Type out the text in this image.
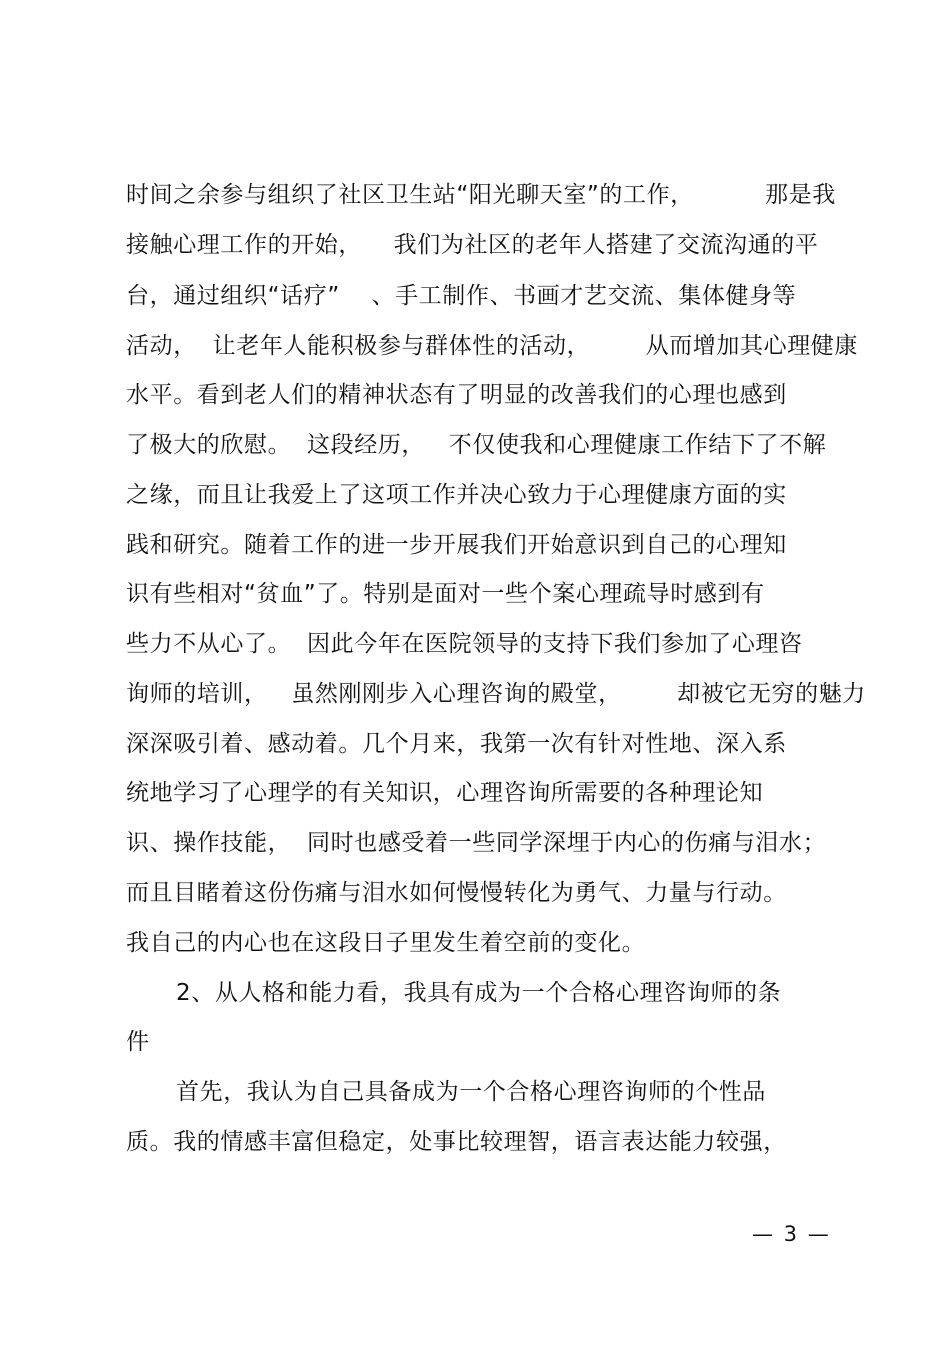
时间之余参与组织了社区卫生站“阳光聊天室”的工作，         那是我
接触心理工作的开始，    我们为社区的老年人搭建了交流沟通的平
台，通过组织“话疗”    、手工制作、书画才艺交流、集体健身等
活动，  让老年人能积极参与群体性的活动，       从而增加其心理健康
水平。看到老人们的精神状态有了明显的改善我们的心理也感到
了极大的欣慰。  这段经历，   不仅使我和心理健康工作结下了不解
之缘，而且让我爱上了这项工作并决心致力于心理健康方面的实
践和研究。随着工作的进一步开展我们开始意识到自己的心理知
识有些相对“贫血”了。特别是面对一些个案心理疏导时感到有
些力不从心了。  因此今年在医院领导的支持下我们参加了心理咨
询师的培训，   虽然刚刚步入心理咨询的殿堂，       却被它无穷的魅力
深深吸引着、感动着。几个月来，我第一次有针对性地、深入系
统地学习了心理学的有关知识，心理咨询所需要的各种理论知
识、操作技能，  同时也感受着一些同学深埋于内心的伤痛与泪水；
而且目睹着这份伤痛与泪水如何慢慢转化为勇气、力量与行动。
我自己的内心也在这段日子里发生着空前的变化。
2、从人格和能力看，我具有成为一个合格心理咨询师的条
件
首先，我认为自己具备成为一个合格心理咨询师的个性品
质。我的情感丰富但稳定，处事比较理智，语言表达能力较强，
— 3 —
